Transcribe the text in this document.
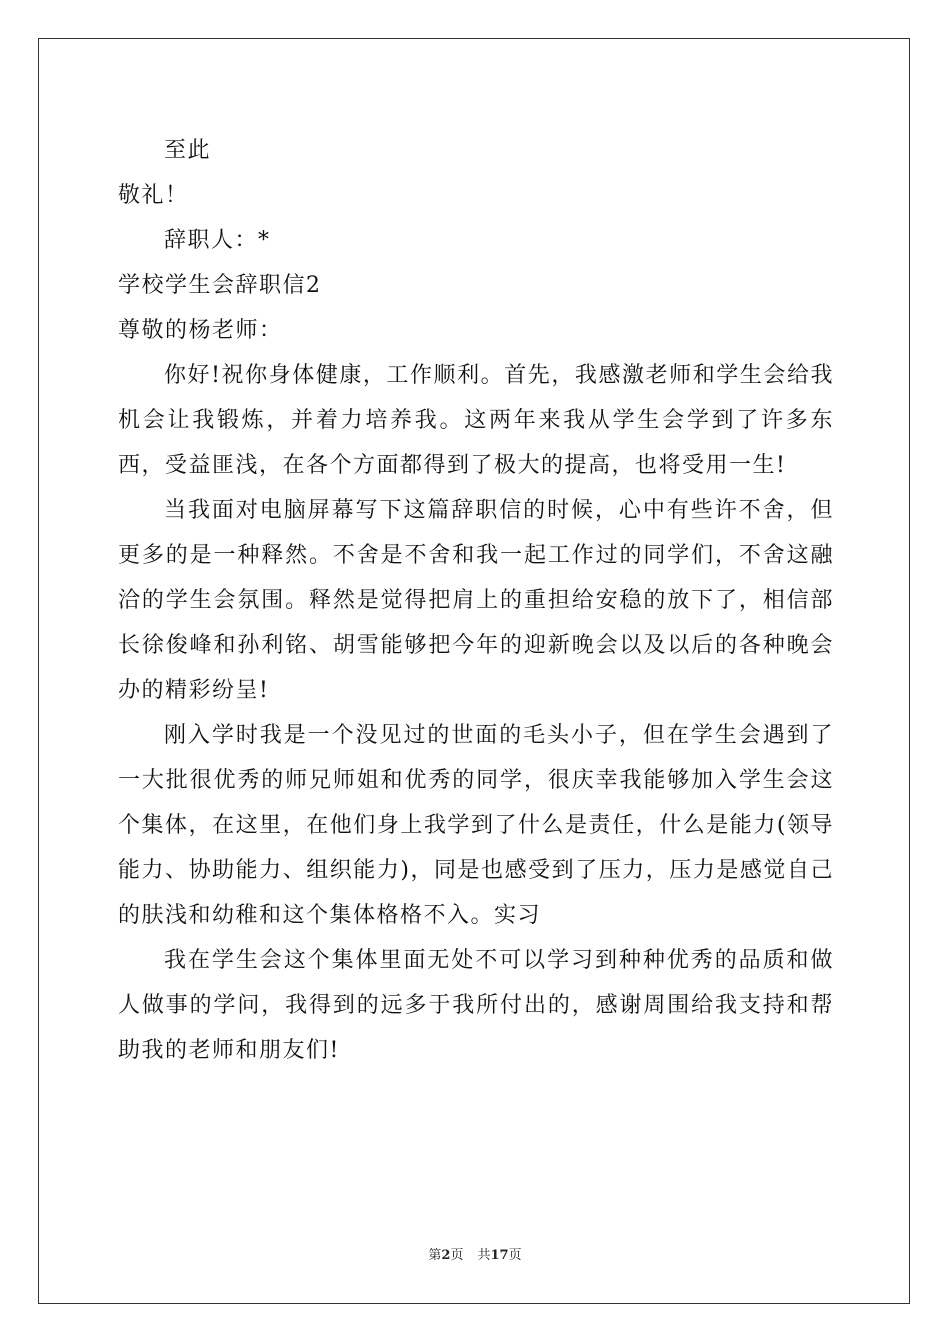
至此
敬礼！
辞职人：*
学校学生会辞职信2
尊敬的杨老师：

你好!祝你身体健康，工作顺利。首先，我感激老师和学生会给我机会让我锻炼，并着力培养我。这两年来我从学生会学到了许多东西，受益匪浅，在各个方面都得到了极大的提高，也将受用一生!

当我面对电脑屏幕写下这篇辞职信的时候，心中有些许不舍，但更多的是一种释然。不舍是不舍和我一起工作过的同学们，不舍这融洽的学生会氛围。释然是觉得把肩上的重担给安稳的放下了，相信部长徐俊峰和孙利铭、胡雪能够把今年的迎新晚会以及以后的各种晚会办的精彩纷呈!

刚入学时我是一个没见过的世面的毛头小子，但在学生会遇到了一大批很优秀的师兄师姐和优秀的同学，很庆幸我能够加入学生会这个集体，在这里，在他们身上我学到了什么是责任，什么是能力(领导能力、协助能力、组织能力)，同是也感受到了压力，压力是感觉自己的肤浅和幼稚和这个集体格格不入。实习

我在学生会这个集体里面无处不可以学习到种种优秀的品质和做人做事的学问，我得到的远多于我所付出的，感谢周围给我支持和帮助我的老师和朋友们!

第2页 共17页
